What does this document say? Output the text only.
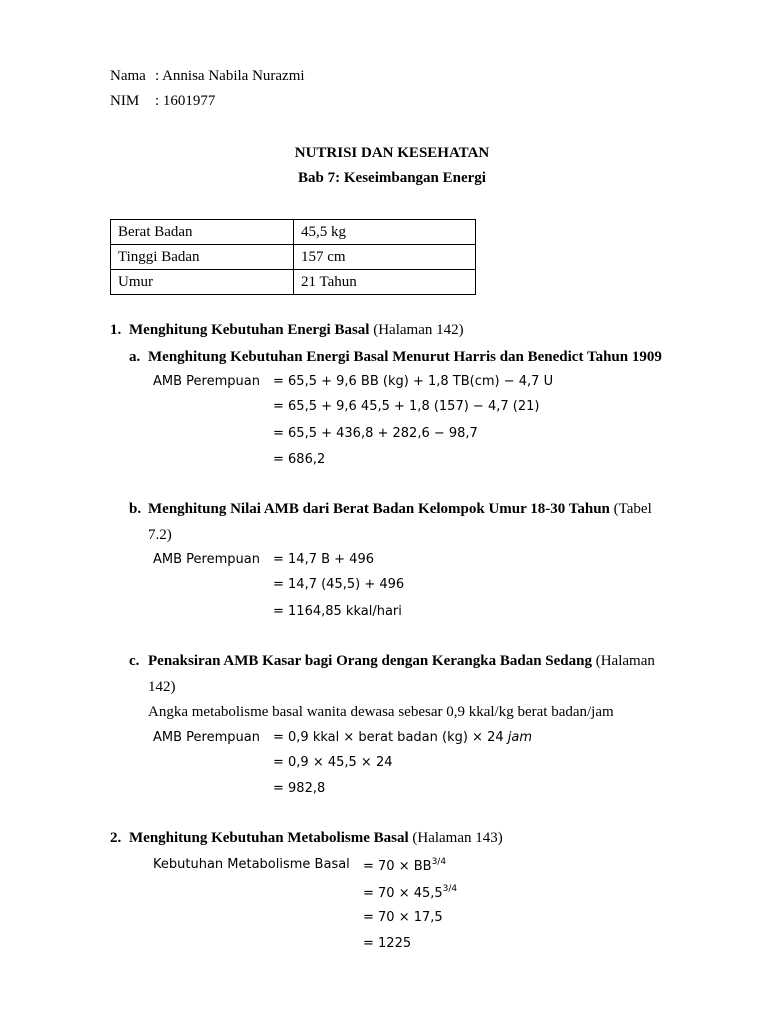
Nama : Annisa Nabila Nurazmi
NIM : 1601977
NUTRISI DAN KESEHATAN
Bab 7: Keseimbangan Energi
Berat Badan	45,5 kg
Tinggi Badan	157 cm
Umur	21 Tahun
1. Menghitung Kebutuhan Energi Basal (Halaman 142)
a. Menghitung Kebutuhan Energi Basal Menurut Harris dan Benedict Tahun 1909
AMB Perempuan = 65,5 + 9,6 BB (kg) + 1,8 TB(cm) − 4,7 U
= 65,5 + 9,6 45,5 + 1,8 (157) − 4,7 (21)
= 65,5 + 436,8 + 282,6 − 98,7
= 686,2
b. Menghitung Nilai AMB dari Berat Badan Kelompok Umur 18-30 Tahun (Tabel
7.2)
AMB Perempuan = 14,7 B + 496
= 14,7 (45,5) + 496
= 1164,85 kkal/hari
c. Penaksiran AMB Kasar bagi Orang dengan Kerangka Badan Sedang (Halaman
142)
Angka metabolisme basal wanita dewasa sebesar 0,9 kkal/kg berat badan/jam
AMB Perempuan = 0,9 kkal × berat badan (kg) × 24 jam
= 0,9 × 45,5 × 24
= 982,8
2. Menghitung Kebutuhan Metabolisme Basal (Halaman 143)
Kebutuhan Metabolisme Basal = $70 \times BB^{3/4}$
= $70 \times 45,5^{3/4}$
= 70 × 17,5
= 1225
